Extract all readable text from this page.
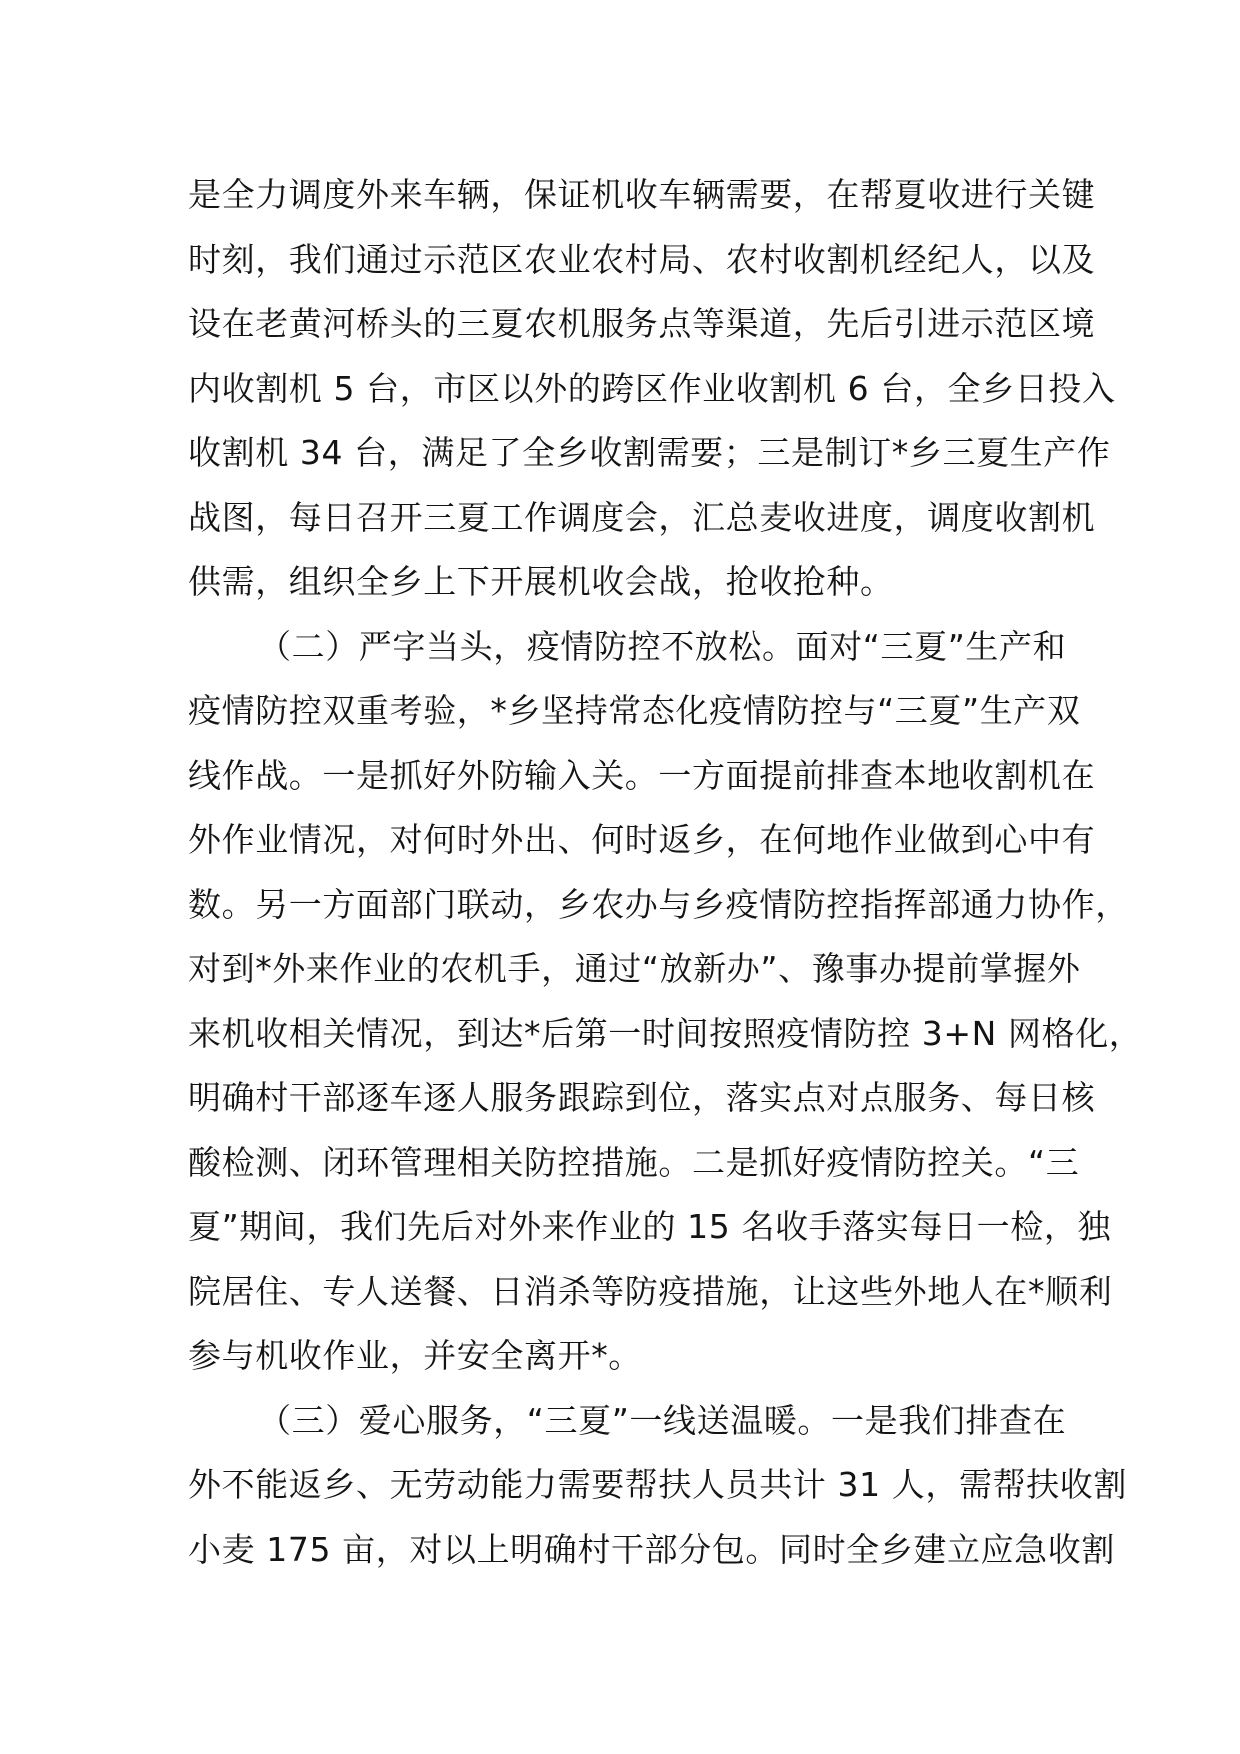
是全力调度外来车辆，保证机收车辆需要，在帮夏收进行关键
时刻，我们通过示范区农业农村局、农村收割机经纪人，以及
设在老黄河桥头的三夏农机服务点等渠道，先后引进示范区境
内收割机 5 台，市区以外的跨区作业收割机 6 台，全乡日投入
收割机 34 台，满足了全乡收割需要；三是制订*乡三夏生产作
战图，每日召开三夏工作调度会，汇总麦收进度，调度收割机
供需，组织全乡上下开展机收会战，抢收抢种。
（二）严字当头，疫情防控不放松。面对“三夏”生产和
疫情防控双重考验，*乡坚持常态化疫情防控与“三夏”生产双
线作战。一是抓好外防输入关。一方面提前排查本地收割机在
外作业情况，对何时外出、何时返乡，在何地作业做到心中有
数。另一方面部门联动，乡农办与乡疫情防控指挥部通力协作，
对到*外来作业的农机手，通过“放新办”、豫事办提前掌握外
来机收相关情况，到达*后第一时间按照疫情防控 3+N 网格化，
明确村干部逐车逐人服务跟踪到位，落实点对点服务、每日核
酸检测、闭环管理相关防控措施。二是抓好疫情防控关。“三
夏”期间，我们先后对外来作业的 15 名收手落实每日一检，独
院居住、专人送餐、日消杀等防疫措施，让这些外地人在*顺利
参与机收作业，并安全离开*。
（三）爱心服务，“三夏”一线送温暖。一是我们排查在
外不能返乡、无劳动能力需要帮扶人员共计 31 人，需帮扶收割
小麦 175 亩，对以上明确村干部分包。同时全乡建立应急收割
